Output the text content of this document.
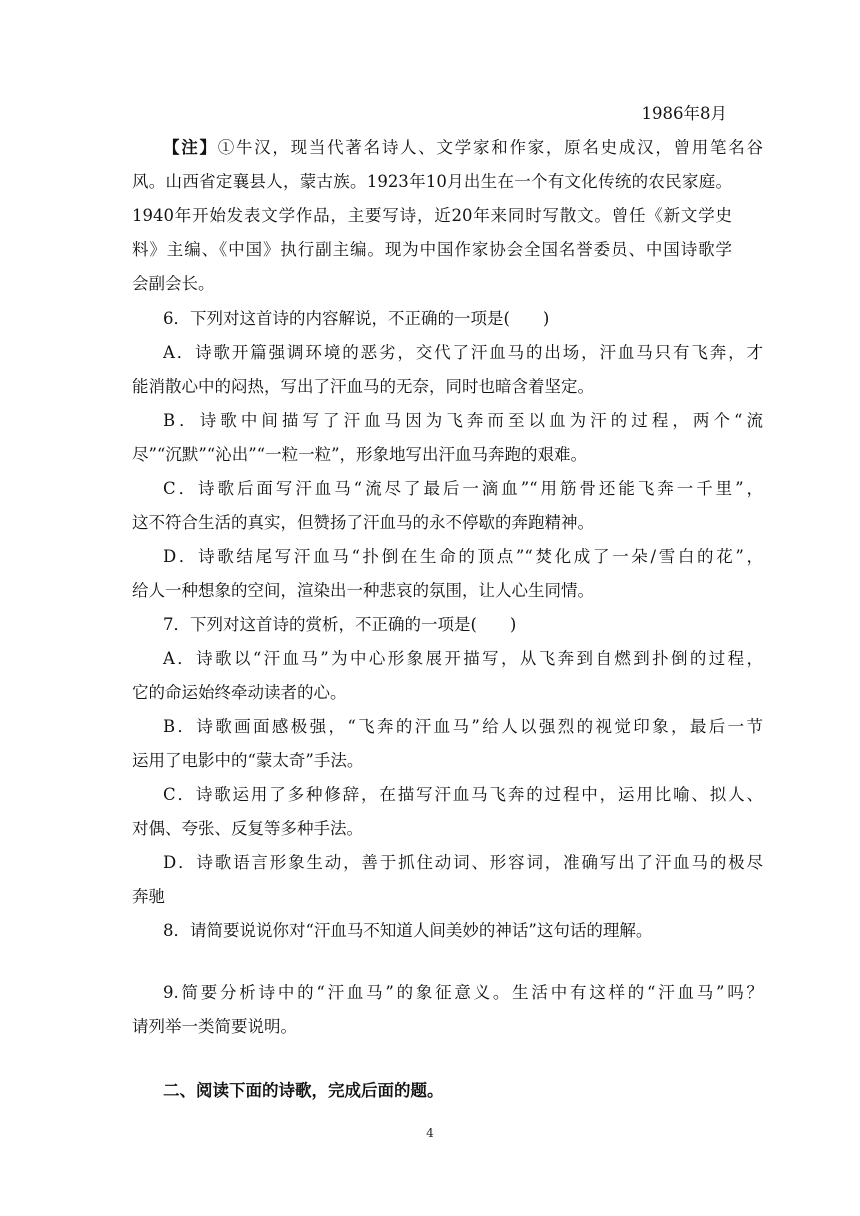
1986年8月
【注】①牛汉，现当代著名诗人、文学家和作家，原名史成汉，曾用笔名谷
风。山西省定襄县人，蒙古族。1923年10月出生在一个有文化传统的农民家庭。
1940年开始发表文学作品，主要写诗，近20年来同时写散文。曾任《新文学史
料》主编、《中国》执行副主编。现为中国作家协会全国名誉委员、中国诗歌学
会副会长。
6．下列对这首诗的内容解说，不正确的一项是(　　)
A．诗歌开篇强调环境的恶劣，交代了汗血马的出场，汗血马只有飞奔，才
能消散心中的闷热，写出了汗血马的无奈，同时也暗含着坚定。
B．诗歌中间描写了汗血马因为飞奔而至以血为汗的过程，两个“流
尽”“沉默”“沁出”“一粒一粒”，形象地写出汗血马奔跑的艰难。
C．诗歌后面写汗血马“流尽了最后一滴血”“用筋骨还能飞奔一千里”，
这不符合生活的真实，但赞扬了汗血马的永不停歇的奔跑精神。
D．诗歌结尾写汗血马“扑倒在生命的顶点”“焚化成了一朵/雪白的花”，
给人一种想象的空间，渲染出一种悲哀的氛围，让人心生同情。
7．下列对这首诗的赏析，不正确的一项是(　　)
A．诗歌以“汗血马”为中心形象展开描写，从飞奔到自燃到扑倒的过程，
它的命运始终牵动读者的心。
B．诗歌画面感极强，“飞奔的汗血马”给人以强烈的视觉印象，最后一节
运用了电影中的“蒙太奇”手法。
C．诗歌运用了多种修辞，在描写汗血马飞奔的过程中，运用比喻、拟人、
对偶、夸张、反复等多种手法。
D．诗歌语言形象生动，善于抓住动词、形容词，准确写出了汗血马的极尽
奔驰
8．请简要说说你对“汗血马不知道人间美妙的神话”这句话的理解。
9.简要分析诗中的“汗血马”的象征意义。生活中有这样的“汗血马”吗？
请列举一类简要说明。
二、阅读下面的诗歌，完成后面的题。
4
